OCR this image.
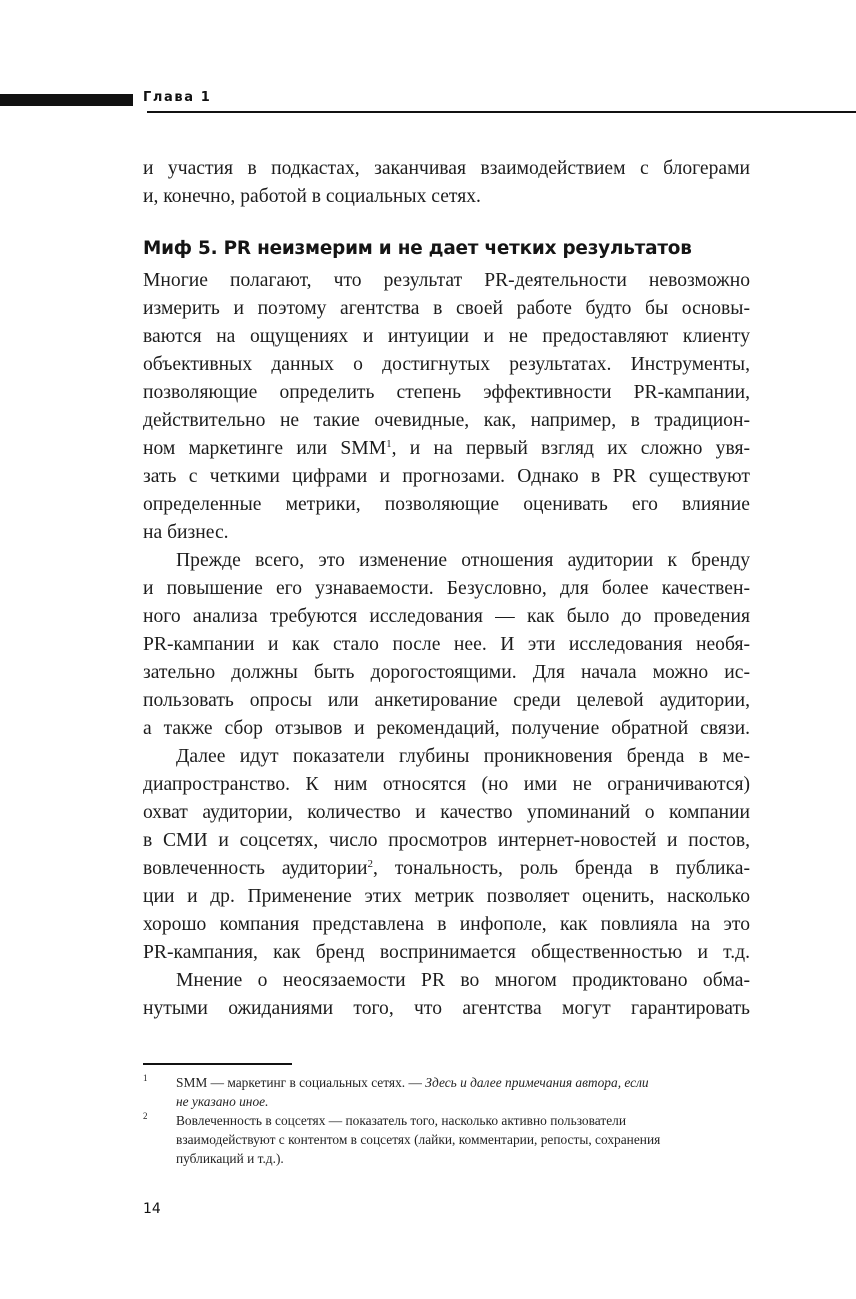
Глава 1
и участия в подкастах, заканчивая взаимодействием с блогерами
и, конечно, работой в социальных сетях.
Миф 5. PR неизмерим и не дает четких результатов
Многие полагают, что результат PR-деятельности невозможно
измерить и поэтому агентства в своей работе будто бы основы-
ваются на ощущениях и интуиции и не предоставляют клиенту
объективных данных о достигнутых результатах. Инструменты,
позволяющие определить степень эффективности PR-кампании,
действительно не такие очевидные, как, например, в традицион-
ном маркетинге или SMM$^1$, и на первый взгляд их сложно увя-
зать с четкими цифрами и прогнозами. Однако в PR существуют
определенные метрики, позволяющие оценивать его влияние
на бизнес.
Прежде всего, это изменение отношения аудитории к бренду
и повышение его узнаваемости. Безусловно, для более качествен-
ного анализа требуются исследования — как было до проведения
PR-кампании и как стало после нее. И эти исследования необя-
зательно должны быть дорогостоящими. Для начала можно ис-
пользовать опросы или анкетирование среди целевой аудитории,
а также сбор отзывов и рекомендаций, получение обратной связи.
Далее идут показатели глубины проникновения бренда в ме-
диапространство. К ним относятся (но ими не ограничиваются)
охват аудитории, количество и качество упоминаний о компании
в СМИ и соцсетях, число просмотров интернет-новостей и постов,
вовлеченность аудитории$^2$, тональность, роль бренда в публика-
ции и др. Применение этих метрик позволяет оценить, насколько
хорошо компания представлена в инфополе, как повлияла на это
PR-кампания, как бренд воспринимается общественностью и т.д.
Мнение о неосязаемости PR во многом продиктовано обма-
нутыми ожиданиями того, что агентства могут гарантировать
1 SMM — маркетинг в социальных сетях. — Здесь и далее примечания автора, если
не указано иное.
2 Вовлеченность в соцсетях — показатель того, насколько активно пользователи
взаимодействуют с контентом в соцсетях (лайки, комментарии, репосты, сохранения
публикаций и т.д.).
14
